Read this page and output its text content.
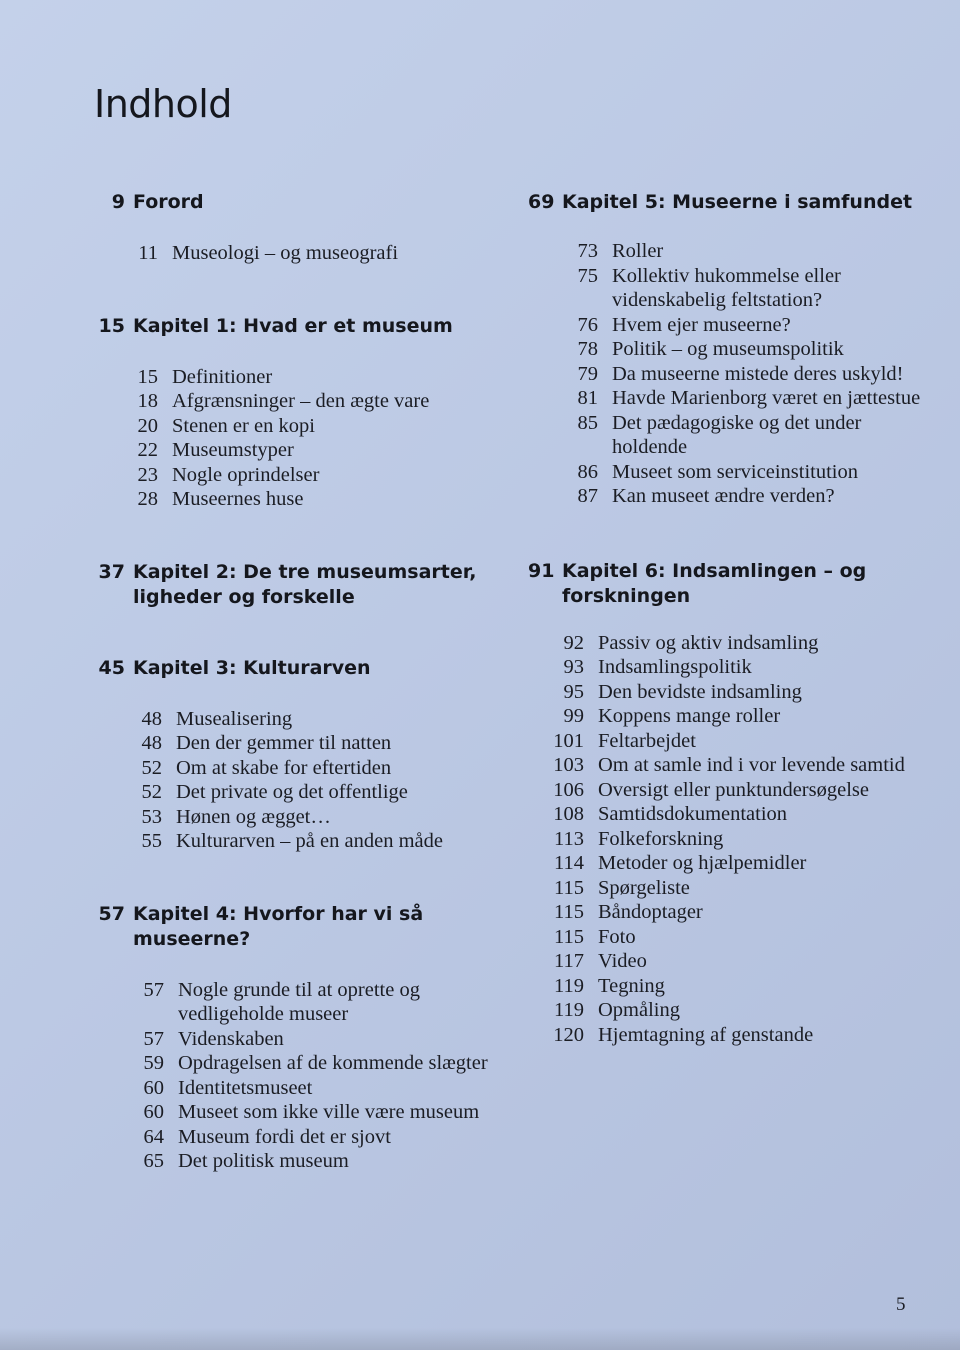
Indhold
9 Forord
11 Museologi – og museografi
15 Kapitel 1: Hvad er et museum
15 Definitioner
18 Afgrænsninger – den ægte vare
20 Stenen er en kopi
22 Museumstyper
23 Nogle oprindelser
28 Museernes huse
37 Kapitel 2: De tre museumsarter, ligheder og forskelle
45 Kapitel 3: Kulturarven
48 Musealisering
48 Den der gemmer til natten
52 Om at skabe for eftertiden
52 Det private og det offentlige
53 Hønen og ægget…
55 Kulturarven – på en anden måde
57 Kapitel 4: Hvorfor har vi så museerne?
57 Nogle grunde til at oprette og vedligeholde museer
57 Videnskaben
59 Opdragelsen af de kommende slægter
60 Identitetsmuseet
60 Museet som ikke ville være museum
64 Museum fordi det er sjovt
65 Det politisk museum
69 Kapitel 5: Museerne i samfundet
73 Roller
75 Kollektiv hukommelse eller videnskabelig feltstation?
76 Hvem ejer museerne?
78 Politik – og museumspolitik
79 Da museerne mistede deres uskyld!
81 Havde Marienborg været en jættestue
85 Det pædagogiske og det under holdende
86 Museet som serviceinstitution
87 Kan museet ændre verden?
91 Kapitel 6: Indsamlingen – og forskningen
92 Passiv og aktiv indsamling
93 Indsamlingspolitik
95 Den bevidste indsamling
99 Koppens mange roller
101 Feltarbejdet
103 Om at samle ind i vor levende samtid
106 Oversigt eller punktundersøgelse
108 Samtidsdokumentation
113 Folkeforskning
114 Metoder og hjælpemidler
115 Spørgeliste
115 Båndoptager
115 Foto
117 Video
119 Tegning
119 Opmåling
120 Hjemtagning af genstande
5
